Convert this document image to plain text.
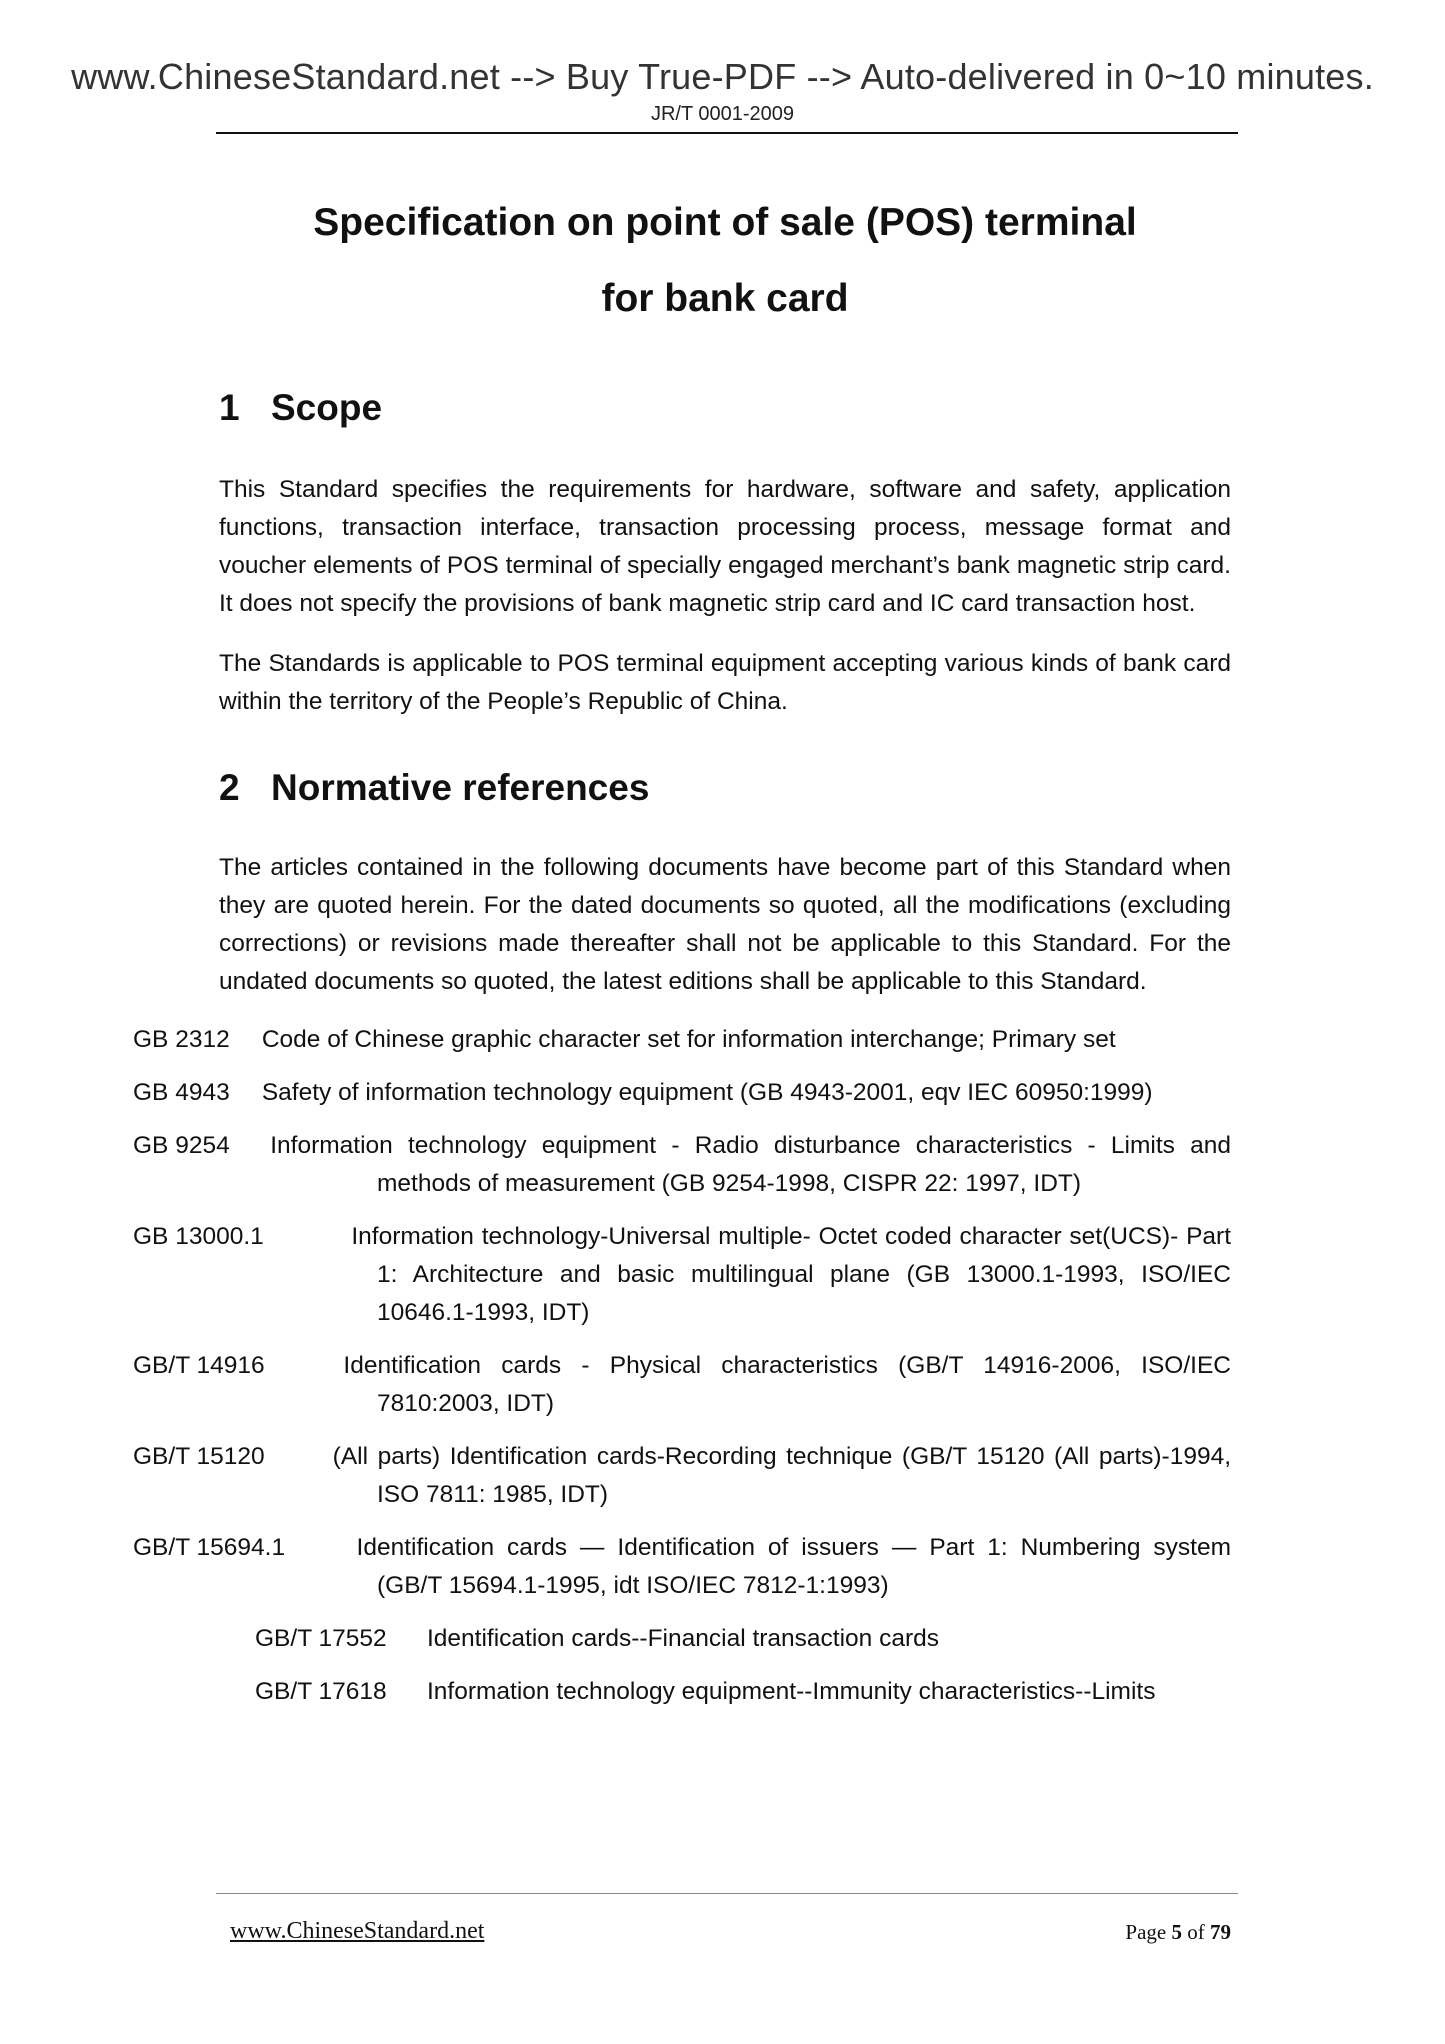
www.ChineseStandard.net --> Buy True-PDF --> Auto-delivered in 0~10 minutes.
JR/T 0001-2009
Specification on point of sale (POS) terminal
for bank card
1 Scope

This Standard specifies the requirements for hardware, software and safety, application functions, transaction interface, transaction processing process, message format and voucher elements of POS terminal of specially engaged merchant’s bank magnetic strip card. It does not specify the provisions of bank magnetic strip card and IC card transaction host.

The Standards is applicable to POS terminal equipment accepting various kinds of bank card within the territory of the People’s Republic of China.

2 Normative references

The articles contained in the following documents have become part of this Standard when they are quoted herein. For the dated documents so quoted, all the modifications (excluding corrections) or revisions made thereafter shall not be applicable to this Standard. For the undated documents so quoted, the latest editions shall be applicable to this Standard.

GB 2312 Code of Chinese graphic character set for information interchange; Primary set
GB 4943 Safety of information technology equipment (GB 4943-2001, eqv IEC 60950:1999)
GB 9254 Information technology equipment - Radio disturbance characteristics - Limits and methods of measurement (GB 9254-1998, CISPR 22: 1997, IDT)
GB 13000.1	Information technology-Universal multiple- Octet coded character set(UCS)- Part 1: Architecture and basic multilingual plane (GB 13000.1-1993, ISO/IEC 10646.1-1993, IDT)
GB/T 14916	Identification cards - Physical characteristics (GB/T 14916-2006, ISO/IEC 7810:2003, IDT)
GB/T 15120	(All parts) Identification cards-Recording technique (GB/T 15120 (All parts)-1994, ISO 7811: 1985, IDT)
GB/T 15694.1	Identification cards — Identification of issuers — Part 1: Numbering system (GB/T 15694.1-1995, idt ISO/IEC 7812-1:1993)
GB/T 17552 Identification cards--Financial transaction cards
GB/T 17618 Information technology equipment--Immunity characteristics--Limits
www.ChineseStandard.net	Page 5 of 79
